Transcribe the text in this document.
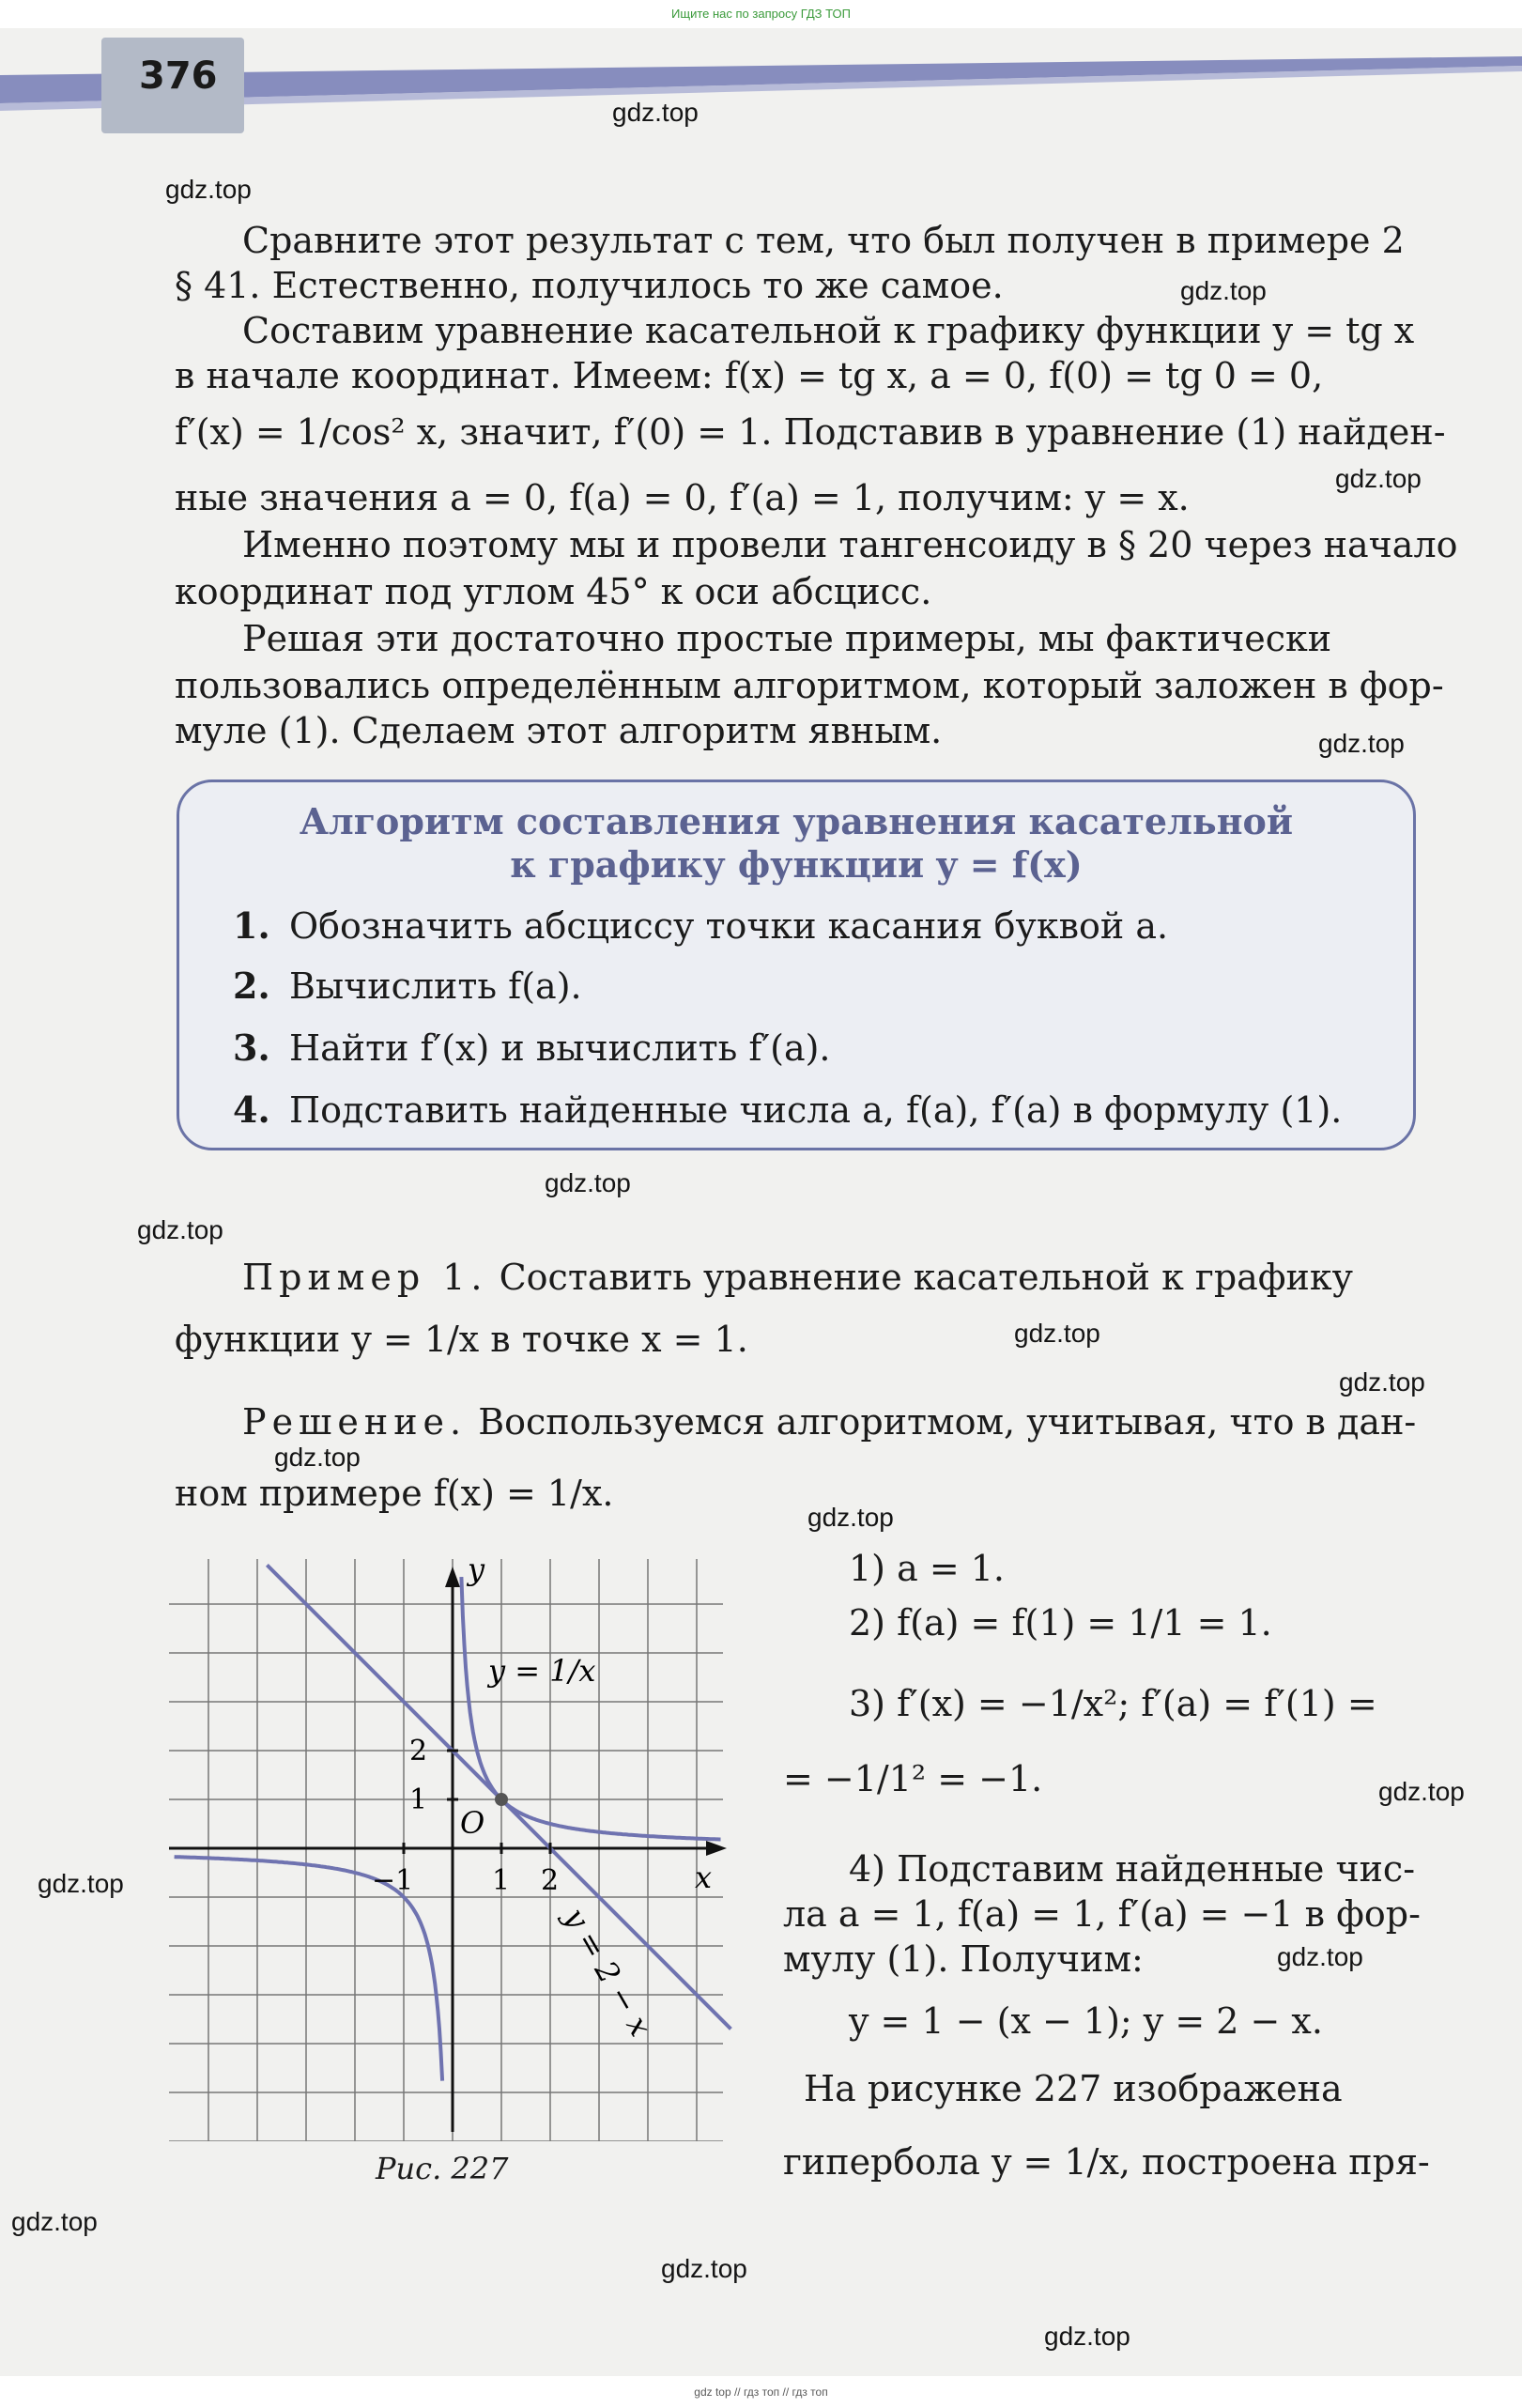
Ищите нас по запросу ГДЗ ТОП
376
gdz.top
gdz.top
gdz.top
gdz.top
gdz.top
gdz.top
gdz.top
gdz.top
gdz.top
gdz.top
gdz.top
gdz.top
gdz.top
gdz.top
gdz.top
gdz.top
gdz.top
Сравните этот результат с тем, что был получен в примере 2
§ 41. Естественно, получилось то же самое.
Составим уравнение касательной к графику функции y = tg x
в начале координат. Имеем: f(x) = tg x, a = 0, f(0) = tg 0 = 0,
f′(x) = 1/cos² x, значит, f′(0) = 1. Подставив в уравнение (1) найден-
ные значения a = 0, f(a) = 0, f′(a) = 1, получим: y = x.
Именно поэтому мы и провели тангенсоиду в § 20 через начало
координат под углом 45° к оси абсцисс.
Решая эти достаточно простые примеры, мы фактически
пользовались определённым алгоритмом, который заложен в фор-
муле (1). Сделаем этот алгоритм явным.
Алгоритм составления уравнения касательной
к графику функции y = f(x)
1. Обозначить абсциссу точки касания буквой a.
2. Вычислить f(a).
3. Найти f′(x) и вычислить f′(a).
4. Подставить найденные числа a, f(a), f′(a) в формулу (1).
Пример 1. Составить уравнение касательной к графику
функции y = 1/x в точке x = 1.
Решение. Воспользуемся алгоритмом, учитывая, что в дан-
ном примере f(x) = 1/x.
1) a = 1.
2) f(a) = f(1) = 1/1 = 1.
3) f′(x) = −1/x²; f′(a) = f′(1) =
= −1/1² = −1.
4) Подставим найденные чис-
ла a = 1, f(a) = 1, f′(a) = −1 в фор-
мулу (1). Получим:
y = 1 − (x − 1); y = 2 − x.
На рисунке 227 изображена
гипербола y = 1/x, построена пря-
y
x
O
−1	1 2
1
2
y = 1/x
y = 2 − x
Рис. 227
gdz top // гдз топ // гдз топ
